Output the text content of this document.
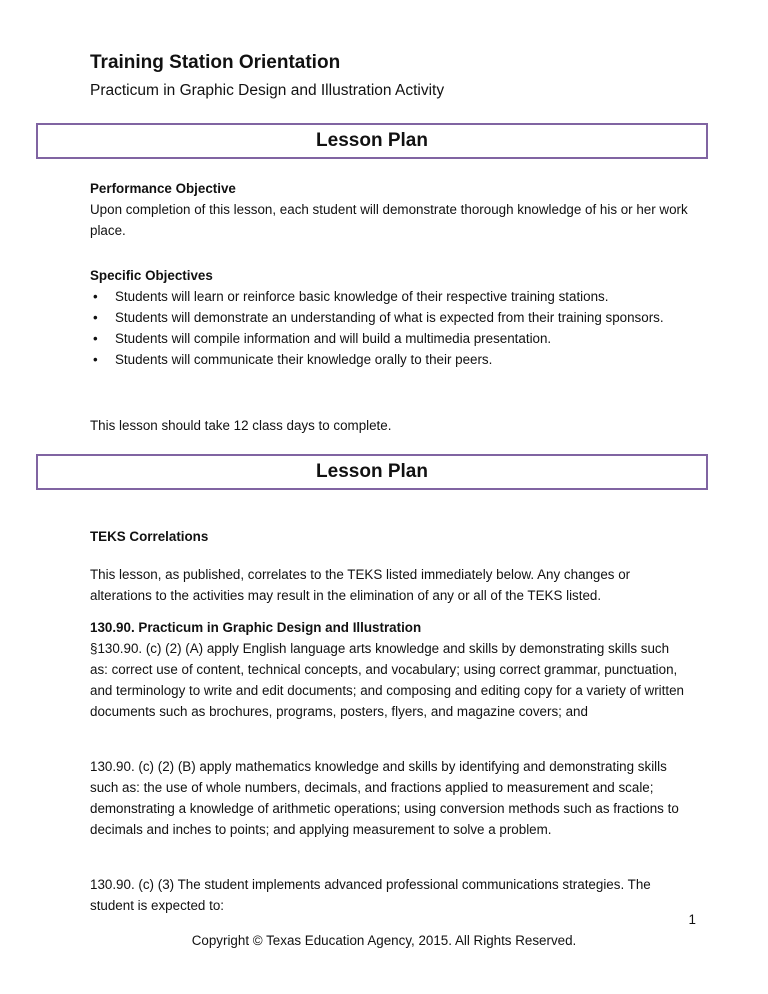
Training Station Orientation

Practicum in Graphic Design and Illustration Activity

Lesson Plan

Performance Objective

Upon completion of this lesson, each student will demonstrate thorough knowledge of his or her work place.

Specific Objectives

• Students will learn or reinforce basic knowledge of their respective training stations.
• Students will demonstrate an understanding of what is expected from their training sponsors.
• Students will compile information and will build a multimedia presentation.
• Students will communicate their knowledge orally to their peers.
This lesson should take 12 class days to complete.
Lesson Plan
TEKS Correlations
This lesson, as published, correlates to the TEKS listed immediately below. Any changes or alterations to the activities may result in the elimination of any or all of the TEKS listed.

130.90. Practicum in Graphic Design and Illustration

§130.90. (c) (2) (A) apply English language arts knowledge and skills by demonstrating skills such as: correct use of content, technical concepts, and vocabulary; using correct grammar, punctuation, and terminology to write and edit documents; and composing and editing copy for a variety of written documents such as brochures, programs, posters, flyers, and magazine covers; and

130.90. (c) (2) (B) apply mathematics knowledge and skills by identifying and demonstrating skills such as: the use of whole numbers, decimals, and fractions applied to measurement and scale; demonstrating a knowledge of arithmetic operations; using conversion methods such as fractions to decimals and inches to points; and applying measurement to solve a problem.
130.90. (c) (3) The student implements advanced professional communications strategies. The student is expected to:
1
Copyright © Texas Education Agency, 2015. All Rights Reserved.
